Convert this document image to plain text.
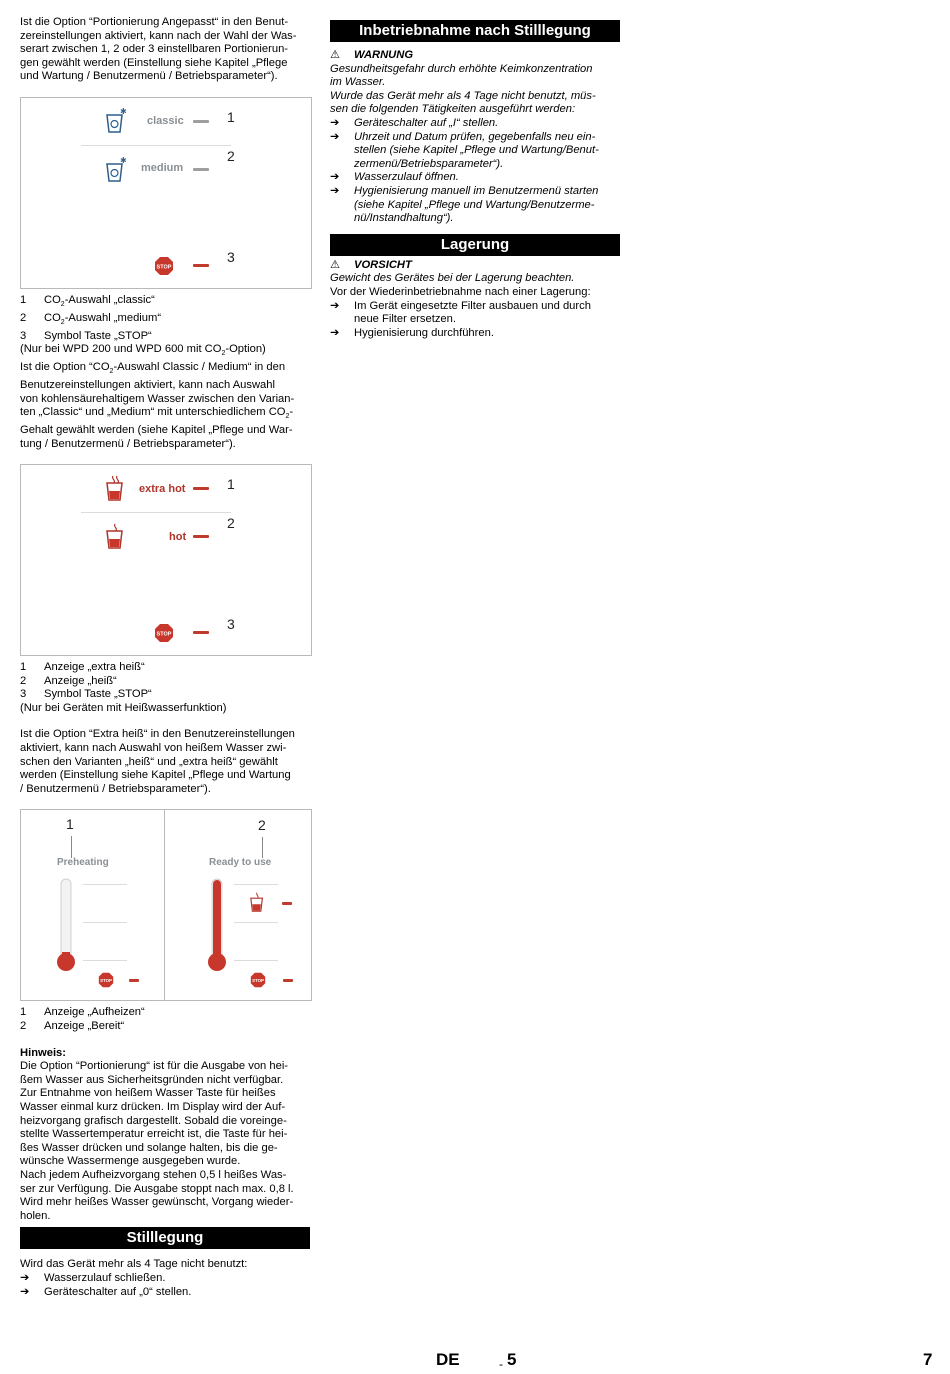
Ist die Option “Portionierung Angepasst“ in den Benut-

zereinstellungen aktiviert, kann nach der Wahl der Was-

serart zwischen 1, 2 oder 3 einstellbaren Portionierun-

gen gewählt werden (Einstellung siehe Kapitel „Pflege

und Wartung / Benutzermenü / Betriebsparameter“).

✱
classic	1
✱
medium
2
STOP
3

1 $CO_2$-Auswahl „classic“

2 $CO_2$-Auswahl „medium“

3 Symbol Taste „STOP“

(Nur bei WPD 200 und WPD 600 mit $CO_2-Option$)

Ist die Option “$CO_2$-Auswahl Classic / Medium“ in den

Benutzereinstellungen aktiviert, kann nach Auswahl

von kohlensäurehaltigem Wasser zwischen den Varian-

ten „Classic“ und „Medium“ mit unterschiedlichem $CO_2-$

Gehalt gewählt werden (siehe Kapitel „Pflege und War-

tung / Benutzermenü / Betriebsparameter“).

extra hot	1
hot
2
STOP
3

1 Anzeige „extra heiß“

2 Anzeige „heiß“

3 Symbol Taste „STOP“

(Nur bei Geräten mit Heißwasserfunktion)

Ist die Option “Extra heiß“ in den Benutzereinstellungen

aktiviert, kann nach Auswahl von heißem Wasser zwi-

schen den Varianten „heiß“ und „extra heiß“ gewählt

werden (Einstellung siehe Kapitel „Pflege und Wartung

/ Benutzermenü / Betriebsparameter“).

1
Preheating
STOP
2
Ready to use
STOP

1 Anzeige „Aufheizen“

2 Anzeige „Bereit“

Hinweis:

Die Option “Portionierung“ ist für die Ausgabe von hei-

ßem Wasser aus Sicherheitsgründen nicht verfügbar.

Zur Entnahme von heißem Wasser Taste für heißes

Wasser einmal kurz drücken. Im Display wird der Auf-

heizvorgang grafisch dargestellt. Sobald die voreinge-

stellte Wassertemperatur erreicht ist, die Taste für hei-

ßes Wasser drücken und solange halten, bis die ge-

wünsche Wassermenge ausgegeben wurde.

Nach jedem Aufheizvorgang stehen 0,5 l heißes Was-

ser zur Verfügung. Die Ausgabe stoppt nach max. 0,8 l.

Wird mehr heißes Wasser gewünscht, Vorgang wieder-

holen.

Stilllegung

Wird das Gerät mehr als 4 Tage nicht benutzt:

➔ Wasserzulauf schließen.

➔ Geräteschalter auf „0“ stellen.

Inbetriebnahme nach Stilllegung

⚠ WARNUNG

Gesundheitsgefahr durch erhöhte Keimkonzentration

im Wasser.

Wurde das Gerät mehr als 4 Tage nicht benutzt, müs-

sen die folgenden Tätigkeiten ausgeführt werden:

➔ Geräteschalter auf „I“ stellen.

➔ Uhrzeit und Datum prüfen, gegebenfalls neu ein-

stellen (siehe Kapitel „Pflege und Wartung/Benut-

zermenü/Betriebsparameter“).

➔ Wasserzulauf öffnen.

➔ Hygienisierung manuell im Benutzermenü starten

(siehe Kapitel „Pflege und Wartung/Benutzerme-

nü/Instandhaltung“).

Lagerung

⚠ VORSICHT

Gewicht des Gerätes bei der Lagerung beachten.

Vor der Wiederinbetriebnahme nach einer Lagerung:

➔ Im Gerät eingesetzte Filter ausbauen und durch

neue Filter ersetzen.

➔ Hygienisierung durchführen.

DE	- 5	7
